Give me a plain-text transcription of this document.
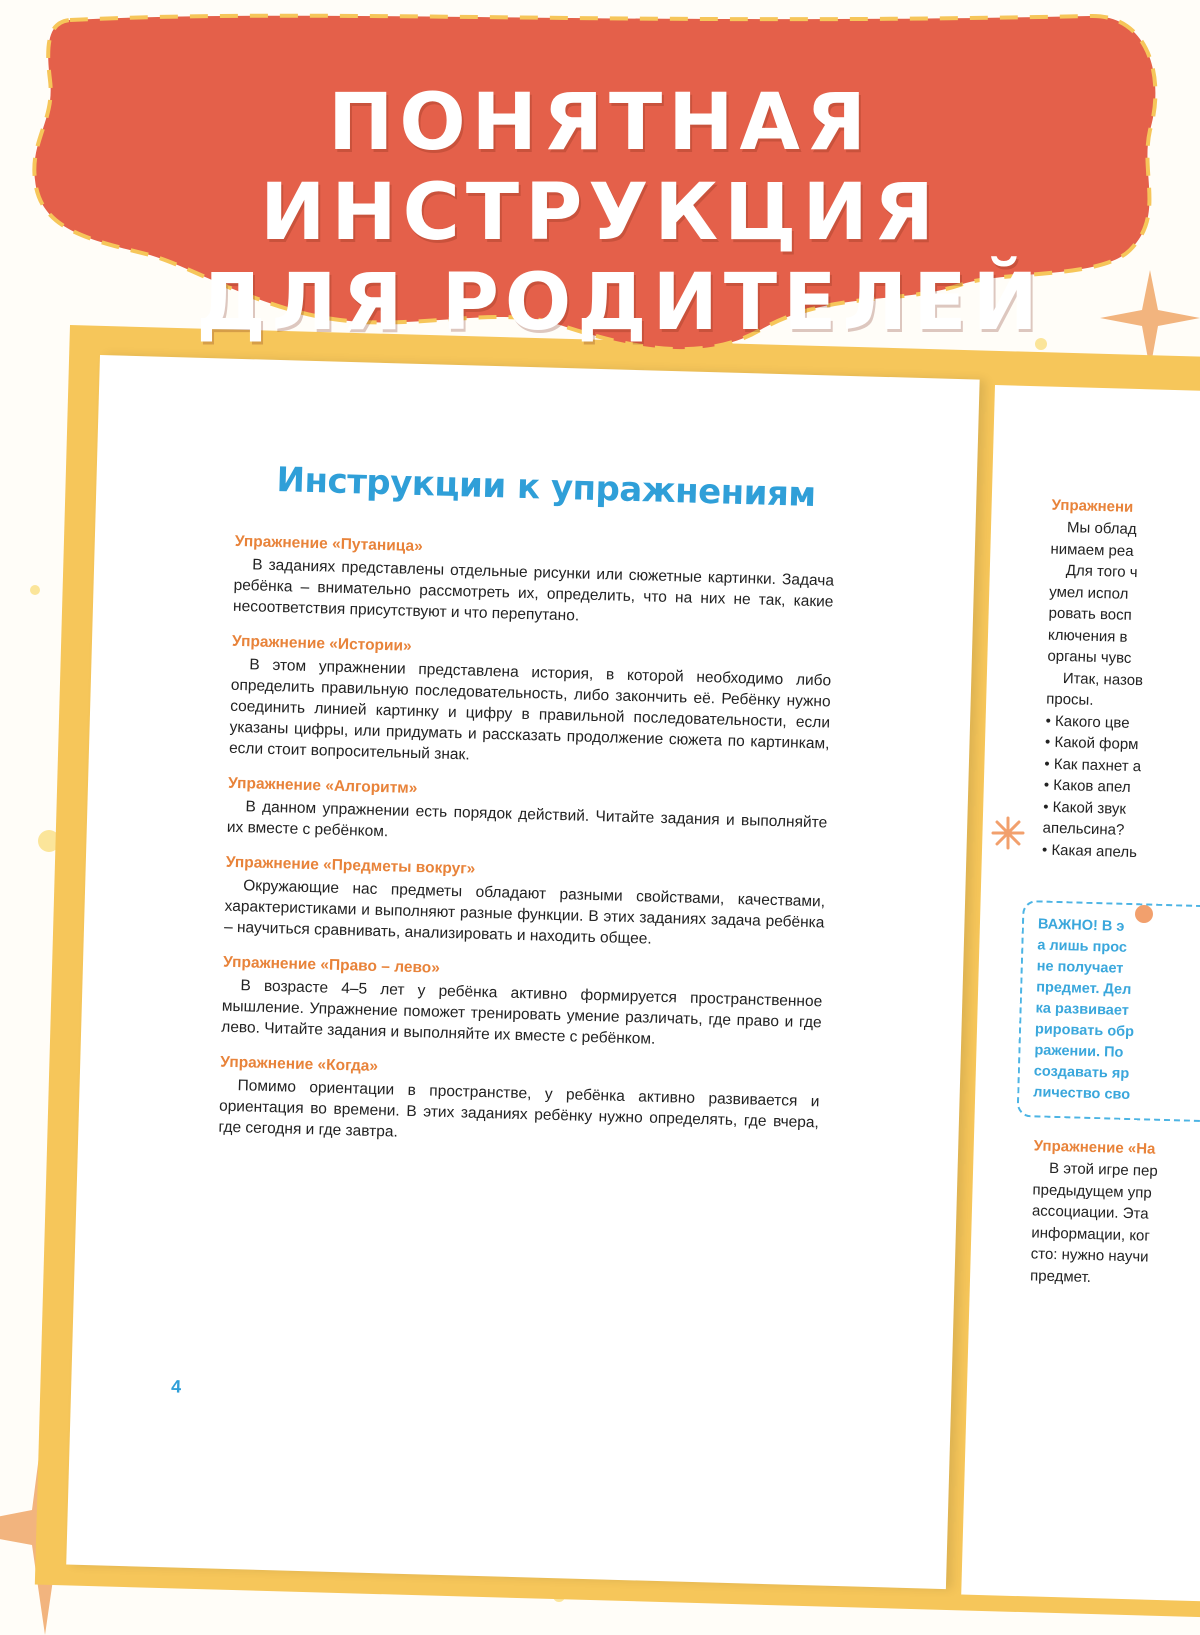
ПОНЯТНАЯ ИНСТРУКЦИЯ
ДЛЯ РОДИТЕЛЕЙ
Инструкции к упражнениям

Упражнение «Путаница»

В заданиях представлены отдельные рисунки или сюжетные картинки. Задача ребёнка – внимательно рассмотреть их, определить, что на них не так, какие несоответствия присутствуют и что перепутано.

Упражнение «Истории»

В этом упражнении представлена история, в которой необходимо либо определить правильную последовательность, либо закончить её. Ребёнку нужно соединить линией картинку и цифру в правильной последовательности, если указаны цифры, или придумать и рассказать продолжение сюжета по картинкам, если стоит вопросительный знак.

Упражнение «Алгоритм»

В данном упражнении есть порядок действий. Читайте задания и выполняйте их вместе с ребёнком.

Упражнение «Предметы вокруг»

Окружающие нас предметы обладают разными свойствами, качествами, характеристиками и выполняют разные функции. В этих заданиях задача ребёнка – научиться сравнивать, анализировать и находить общее.

Упражнение «Право – лево»

В возрасте 4–5 лет у ребёнка активно формируется пространственное мышление. Упражнение поможет тренировать умение различать, где право и где лево. Читайте задания и выполняйте их вместе с ребёнком.

Упражнение «Когда»

Помимо ориентации в пространстве, у ребёнка активно развивается и ориентация во времени. В этих заданиях ребёнку нужно определять, где вчера, где сегодня и где завтра.

4

Упражнени

Мы облад

нимаем реа

Для того ч

умел испол

ровать восп

ключения в

органы чувс

Итак, назов

просы.

• Какого цве

• Какой форм

• Как пахнет а

• Каков апел

• Какой звук

апельсина?

• Какая апель

ВАЖНО! В э

а лишь прос

не получает

предмет. Дел

ка развивает

рировать обр

ражении. По

создавать яр

личество сво

Упражнение «На

В этой игре пер

предыдущем упр

ассоциации. Эта

информации, ког

сто: нужно научи

предмет.
